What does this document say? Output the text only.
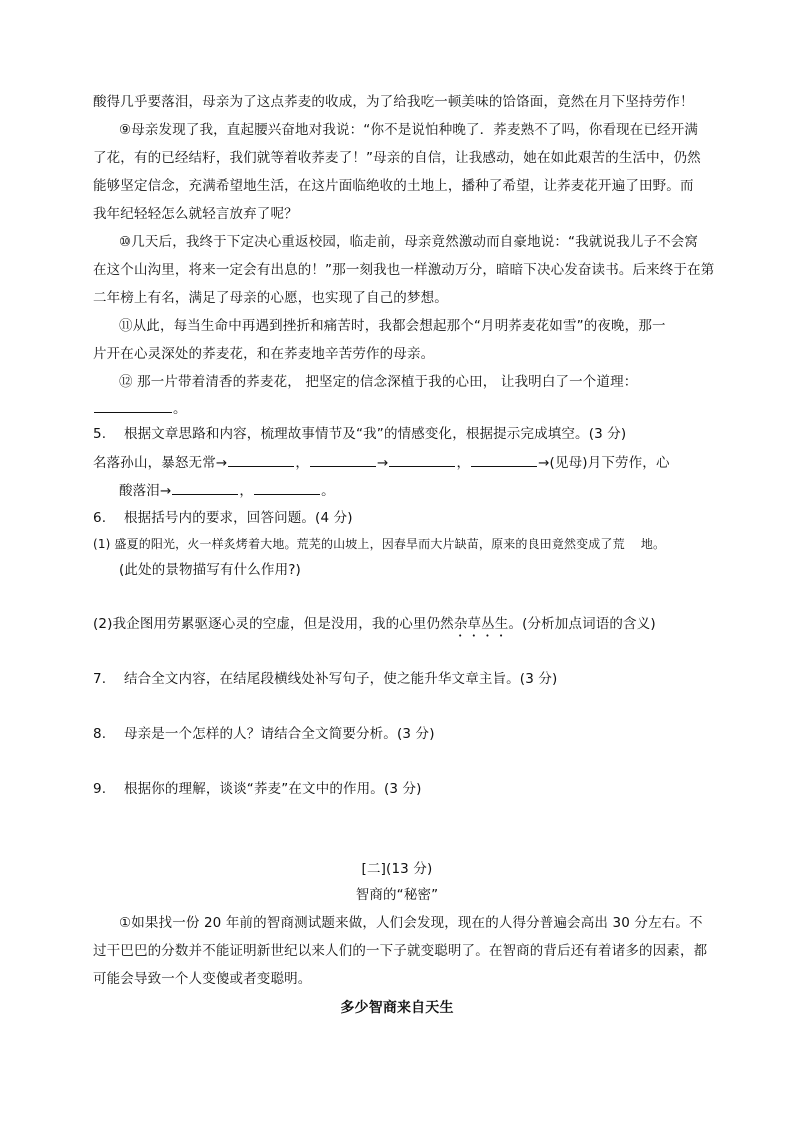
酸得几乎要落泪，母亲为了这点荞麦的收成，为了给我吃一顿美味的饸饹面，竟然在月下坚持劳作！
⑨母亲发现了我，直起腰兴奋地对我说：“你不是说怕种晚了．荞麦熟不了吗，你看现在已经开满
了花，有的已经结籽，我们就等着收荞麦了！”母亲的自信，让我感动，她在如此艰苦的生活中，仍然
能够坚定信念，充满希望地生活，在这片面临绝收的土地上，播种了希望，让荞麦花开遍了田野。而
我年纪轻轻怎么就轻言放弃了呢？
⑩几天后，我终于下定决心重返校园，临走前，母亲竟然激动而自豪地说：“我就说我儿子不会窝
在这个山沟里，将来一定会有出息的！”那一刻我也一样激动万分，暗暗下决心发奋读书。后来终于在第
二年榜上有名，满足了母亲的心愿，也实现了自己的梦想。
⑪从此，每当生命中再遇到挫折和痛苦时，我都会想起那个“月明荞麦花如雪”的夜晚，那一
片开在心灵深处的荞麦花，和在荞麦地辛苦劳作的母亲。
⑫ 那一片带着清香的荞麦花， 把坚定的信念深植于我的心田， 让我明白了一个道理：
。
5. 根据文章思路和内容，梳理故事情节及“我”的情感变化，根据提示完成填空。(3 分)
名落孙山，暴怒无常→	，	→	，	→(见母)月下劳作，心
酸落泪→	，	。
6. 根据括号内的要求，回答问题。(4 分)
(1) 盛夏的阳光，火一样炙烤着大地。荒芜的山坡上，因春旱而大片缺苗，原来的良田竟然变成了荒　 地。
(此处的景物描写有什么作用?)
(2)我企图用劳累驱逐心灵的空虚，但是没用，我的心里仍然杂草丛生。(分析加点词语的含义)
7. 结合全文内容，在结尾段横线处补写句子，使之能升华文章主旨。(3 分)
8. 母亲是一个怎样的人？请结合全文简要分析。(3 分)
9. 根据你的理解，谈谈“荞麦”在文中的作用。(3 分)
[二](13 分)
智商的“秘密”
①如果找一份 20 年前的智商测试题来做，人们会发现，现在的人得分普遍会高出 30 分左右。不
过干巴巴的分数并不能证明新世纪以来人们的一下子就变聪明了。在智商的背后还有着诸多的因素，都
可能会导致一个人变傻或者变聪明。
多少智商来自天生
